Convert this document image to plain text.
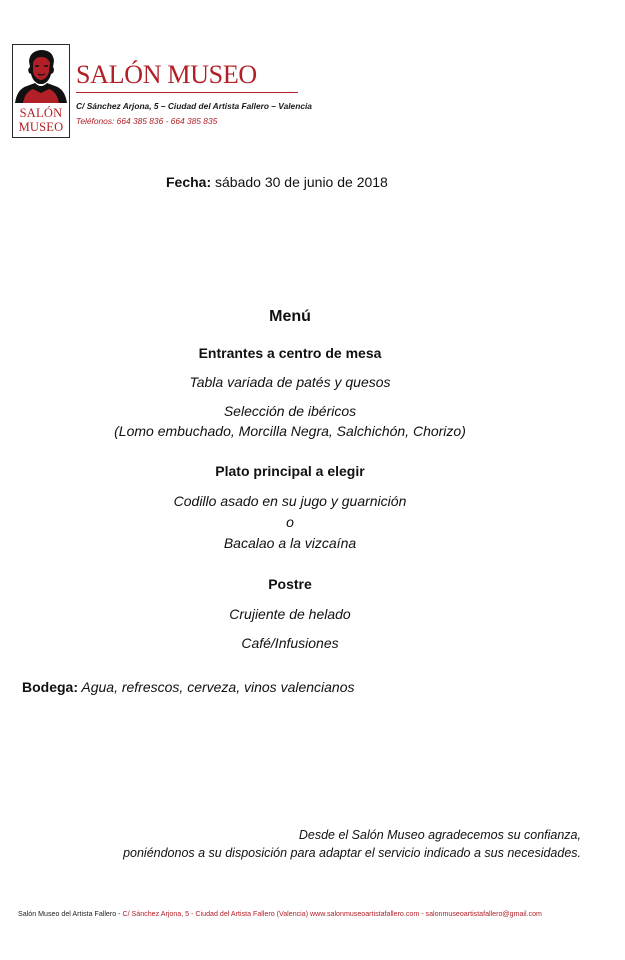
SALÓN
MUSEO
SALÓN MUSEO
C/ Sánchez Arjona, 5 – Ciudad del Artista Fallero – Valencia
Teléfonos: 664 385 836 - 664 385 835
Fecha: sábado 30 de junio de 2018
Menú
Entrantes a centro de mesa
Tabla variada de patés y quesos
Selección de ibéricos
(Lomo embuchado, Morcilla Negra, Salchichón, Chorizo)
Plato principal a elegir
Codillo asado en su jugo y guarnición
o
Bacalao a la vizcaína
Postre
Crujiente de helado
Café/Infusiones
Bodega: Agua, refrescos, cerveza, vinos valencianos
Desde el Salón Museo agradecemos su confianza,
poniéndonos a su disposición para adaptar el servicio indicado a sus necesidades.
Salón Museo del Artista Fallero - C/ Sánchez Arjona, 5 - Ciudad del Artista Fallero (Valencia) www.salonmuseoartistafallero.com - salonmuseoartistafallero@gmail.com
